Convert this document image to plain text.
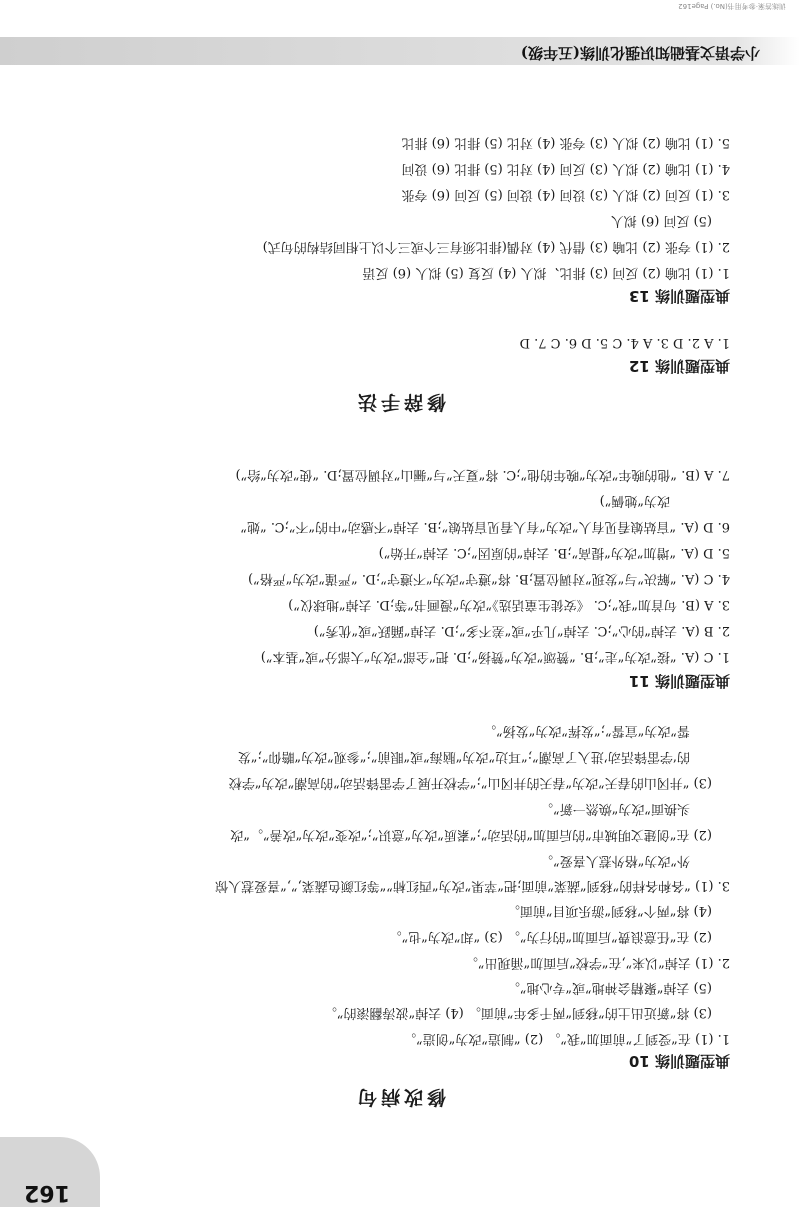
162
修改病句
典型题训练 10
1. (1) 在“受到了”前面加“我”。 (2) “制造”改为“创造”。
(3) 将“新近出土的”移到“两千多年”前面。 (4) 去掉“波涛翻滚的”。
(5) 去掉“聚精会神地”或“专心地”。
2. (1) 去掉“以来”,在“学校”后面加“涌现出”。
(2) 在“任意浪费”后面加“的行为”。 (3) “却”改为“也”。
(4) 将“两个”移到“游乐项目”前面。
3. (1) “各种各样的”移到“蔬菜”前面;把“苹果”改为“西红柿”“等红颜色蔬菜,”,“喜爱惹人惊
外”改为“格外惹人喜爱”。
(2) 在“创建文明城市”的后面加“的活动”;“素质”改为“意识”;“改变”改为“改善”。“改
头换面”改为“焕然一新”。
(3) “井冈山的春天”改为“春天的井冈山”;“学校开展了学雷锋活动”的高潮”改为“学校
的‘学雷锋活动’进入了高潮”;“耳边”改为“脑海”或“眼前”;“参观”改为“瞻仰”;“发
誓”改为“宣誓”;“发挥”改为“发扬”。
典型题训练 11
1. C (A. “接”改为“走”;B. “赞颂”改为“赞扬”;D. 把“全部”改为“大部分”或“基本”)
2. B (A. 去掉“的心”;C. 去掉“几乎”或“差不多”;D. 去掉“踊跃”或“优秀”)
3. A (B. 句首加“我”;C. 《安徒生童话选》”改为“漫画书”等;D. 去掉“地球仪”)
4. C (A. “解决”与“发现”对调位置;B. 将“遵守”改为“不遵守”;D. “严谨”改为“严格”)
5. D (A. “增加”改为“提高”;B. 去掉“的原因”;C. 去掉“开始”)
6. D (A. “盲姑娘看见有人”改为“有人看见盲姑娘”;B. 去掉“不感动”中的“不”;C. “她”
改为“她俩”)
7. A (B. “他的晚年”改为“晚年的他”;C. 将“夏天”与“骊山”对调位置;D. “使”改为“给”)
修辞手法
典型题训练 12
1. A 2. D 3. A 4. C 5. D 6. C 7. D
典型题训练 13
1. (1) 比喻 (2) 反问 (3) 排比、拟人 (4) 反复 (5) 拟人 (6) 反语
2. (1) 夸张 (2) 比喻 (3) 借代 (4) 对偶(排比须有三个或三个以上相同结构的句式)
(5) 反问 (6) 拟人
3. (1) 反问 (2) 拟人 (3) 设问 (4) 设问 (5) 反问 (6) 夸张
4. (1) 比喻 (2) 拟人 (3) 反问 (4) 对比 (5) 排比 (6) 设问
5. (1) 比喻 (2) 拟人 (3) 夸张 (4) 对比 (5) 排比 (6) 排比
小学语文基础知识强化训练(五年级)
训练答案·参考用书(No.) Page162
